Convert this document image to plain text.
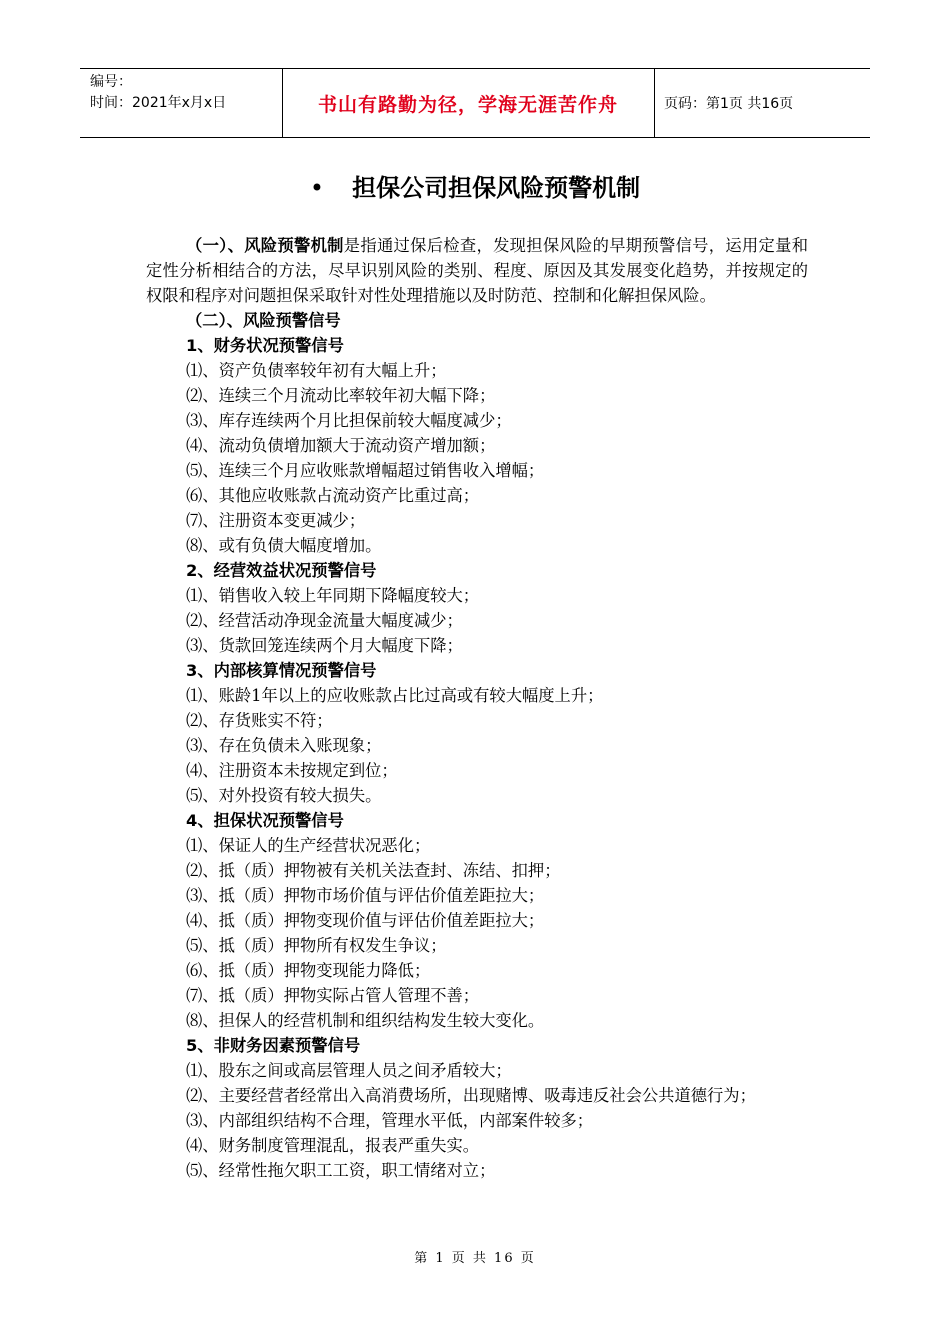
编号：
时间：2021年x月x日	书山有路勤为径，学海无涯苦作舟	页码：第1页 共16页
• 担保公司担保风险预警机制

（一）、风险预警机制是指通过保后检查，发现担保风险的早期预警信号，运用定量和定性分析相结合的方法，尽早识别风险的类别、程度、原因及其发展变化趋势，并按规定的权限和程序对问题担保采取针对性处理措施以及时防范、控制和化解担保风险。

（二）、风险预警信号

1、财务状况预警信号

⑴、资产负债率较年初有大幅上升；

⑵、连续三个月流动比率较年初大幅下降；

⑶、库存连续两个月比担保前较大幅度减少；

⑷、流动负债增加额大于流动资产增加额；

⑸、连续三个月应收账款增幅超过销售收入增幅；

⑹、其他应收账款占流动资产比重过高；

⑺、注册资本变更减少；

⑻、或有负债大幅度增加。

2、经营效益状况预警信号

⑴、销售收入较上年同期下降幅度较大；

⑵、经营活动净现金流量大幅度减少；

⑶、货款回笼连续两个月大幅度下降；

3、内部核算情况预警信号

⑴、账龄1年以上的应收账款占比过高或有较大幅度上升；

⑵、存货账实不符；

⑶、存在负债未入账现象；

⑷、注册资本未按规定到位；

⑸、对外投资有较大损失。

4、担保状况预警信号

⑴、保证人的生产经营状况恶化；

⑵、抵（质）押物被有关机关法查封、冻结、扣押；

⑶、抵（质）押物市场价值与评估价值差距拉大；

⑷、抵（质）押物变现价值与评估价值差距拉大；

⑸、抵（质）押物所有权发生争议；

⑹、抵（质）押物变现能力降低；

⑺、抵（质）押物实际占管人管理不善；

⑻、担保人的经营机制和组织结构发生较大变化。

5、非财务因素预警信号

⑴、股东之间或高层管理人员之间矛盾较大；

⑵、主要经营者经常出入高消费场所，出现赌博、吸毒违反社会公共道德行为；

⑶、内部组织结构不合理，管理水平低，内部案件较多；

⑷、财务制度管理混乱，报表严重失实。

⑸、经常性拖欠职工工资，职工情绪对立；

第 1 页 共 16 页
